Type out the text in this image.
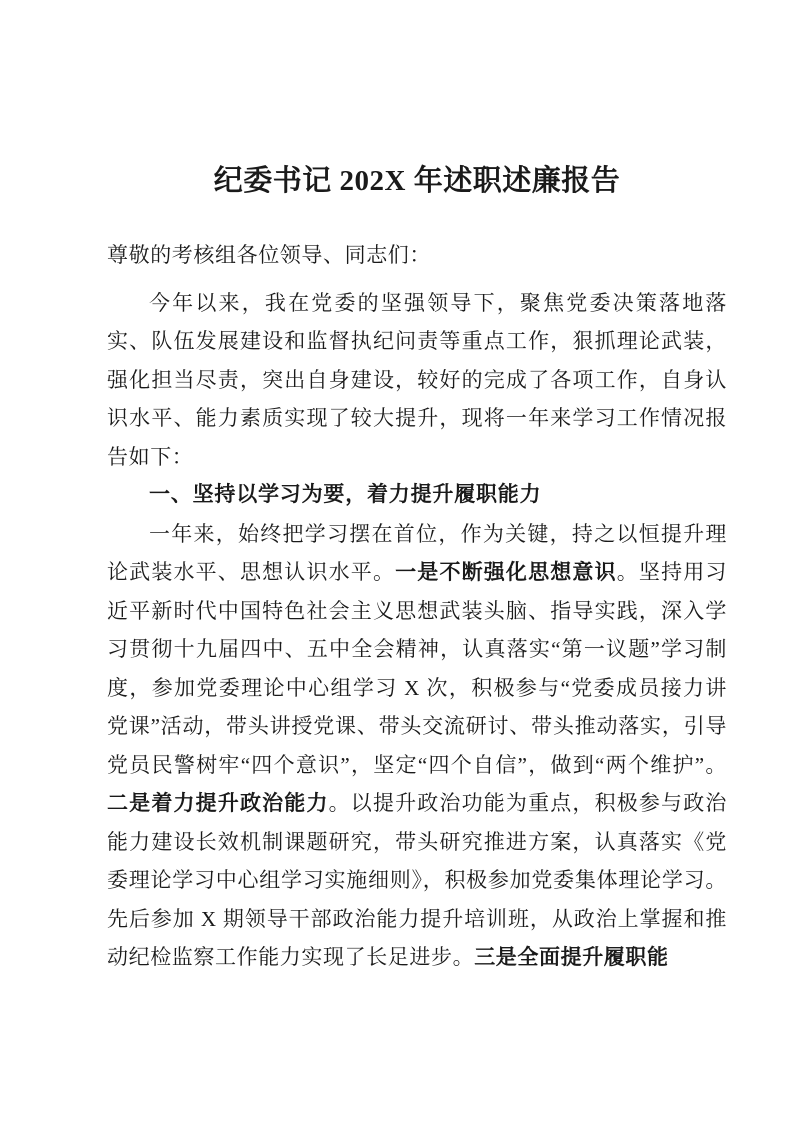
纪委书记 202X 年述职述廉报告

尊敬的考核组各位领导、同志们：

今年以来，我在党委的坚强领导下，聚焦党委决策落地落实、队伍发展建设和监督执纪问责等重点工作，狠抓理论武装，强化担当尽责，突出自身建设，较好的完成了各项工作，自身认识水平、能力素质实现了较大提升，现将一年来学习工作情况报告如下：

一、坚持以学习为要，着力提升履职能力

一年来，始终把学习摆在首位，作为关键，持之以恒提升理论武装水平、思想认识水平。一是不断强化思想意识。坚持用习近平新时代中国特色社会主义思想武装头脑、指导实践，深入学习贯彻十九届四中、五中全会精神，认真落实“第一议题”学习制度，参加党委理论中心组学习 X 次，积极参与“党委成员接力讲党课”活动，带头讲授党课、带头交流研讨、带头推动落实，引导党员民警树牢“四个意识”，坚定“四个自信”，做到“两个维护”。二是着力提升政治能力。以提升政治功能为重点，积极参与政治能力建设长效机制课题研究，带头研究推进方案，认真落实《党委理论学习中心组学习实施细则》，积极参加党委集体理论学习。先后参加 X 期领导干部政治能力提升培训班，从政治上掌握和推动纪检监察工作能力实现了长足进步。三是全面提升履职能
